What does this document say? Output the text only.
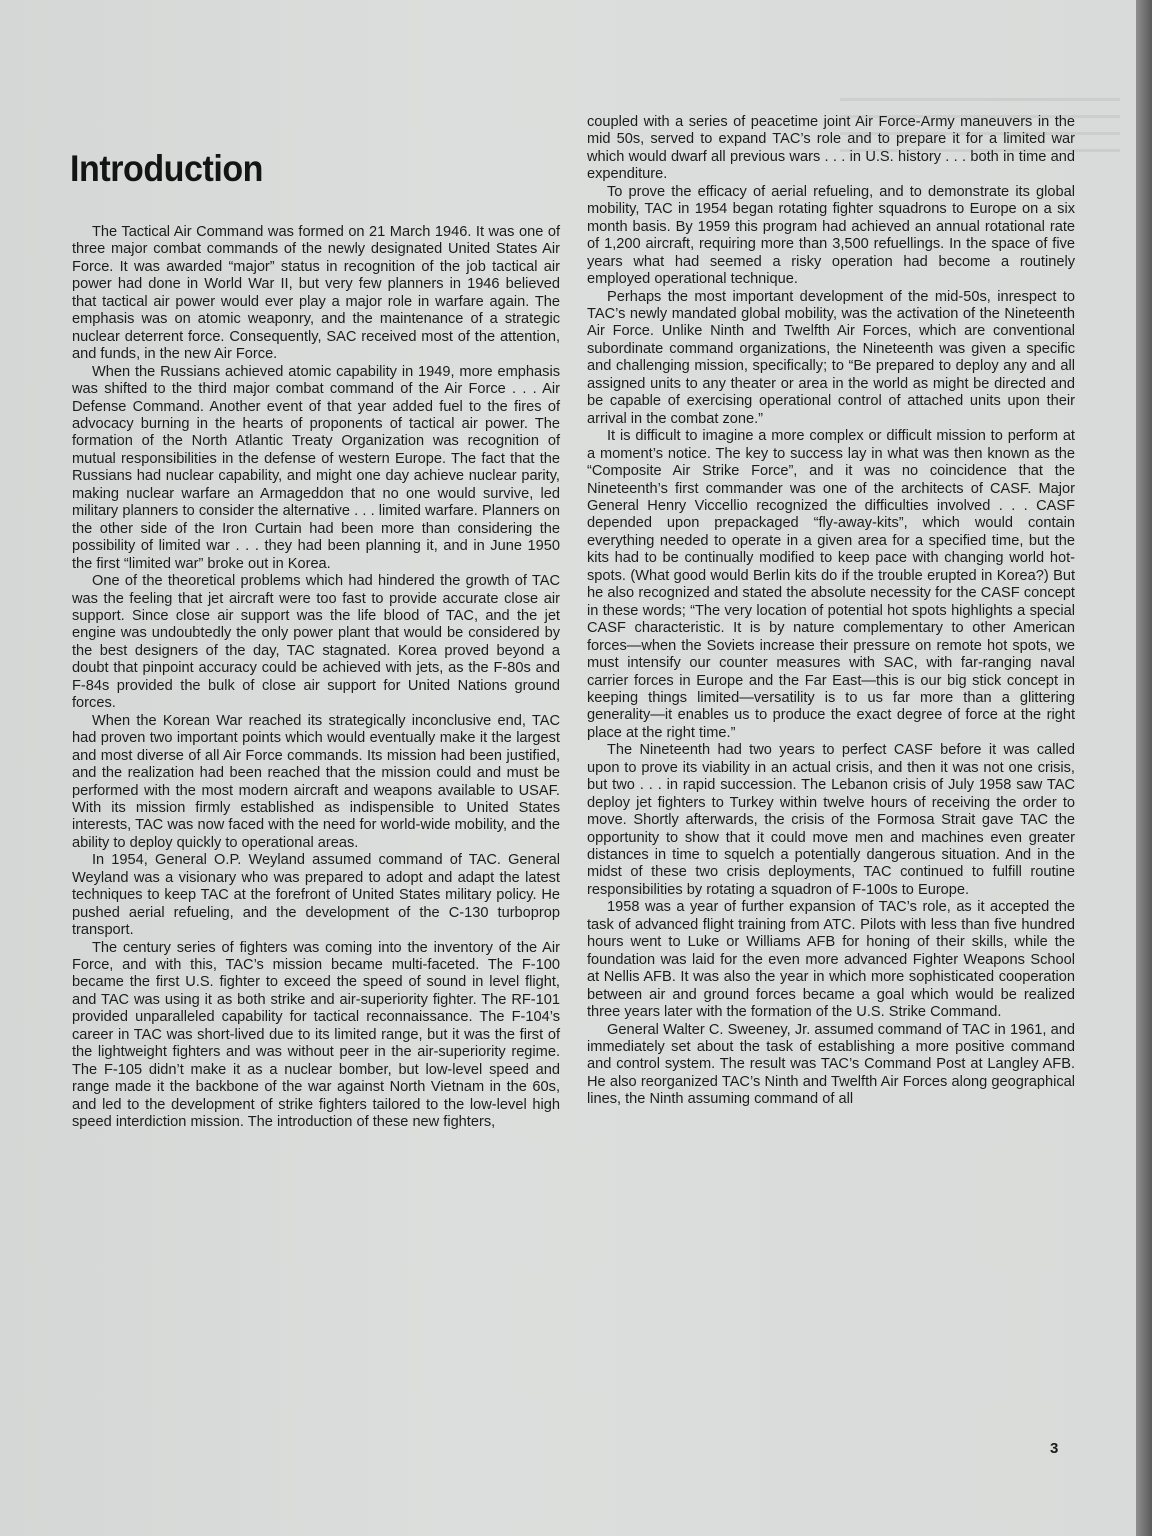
Introduction

The Tactical Air Command was formed on 21 March 1946. It was one of three major combat commands of the newly designated United States Air Force. It was awarded “major” status in recognition of the job tactical air power had done in World War II, but very few planners in 1946 believed that tactical air power would ever play a major role in warfare again. The emphasis was on atomic weaponry, and the maintenance of a strategic nuclear deterrent force. Consequently, SAC received most of the attention, and funds, in the new Air Force.

When the Russians achieved atomic capability in 1949, more emphasis was shifted to the third major combat command of the Air Force . . . Air Defense Command. Another event of that year added fuel to the fires of advocacy burning in the hearts of proponents of tactical air power. The formation of the North Atlantic Treaty Organization was recognition of mutual responsibilities in the defense of western Europe. The fact that the Russians had nuclear capability, and might one day achieve nuclear parity, making nuclear warfare an Armageddon that no one would survive, led military planners to consider the alternative . . . limited warfare. Planners on the other side of the Iron Curtain had been more than considering the possibility of limited war . . . they had been planning it, and in June 1950 the first “limited war” broke out in Korea.

One of the theoretical problems which had hindered the growth of TAC was the feeling that jet aircraft were too fast to provide accurate close air support. Since close air support was the life blood of TAC, and the jet engine was undoubtedly the only power plant that would be considered by the best designers of the day, TAC stagnated. Korea proved beyond a doubt that pinpoint accuracy could be achieved with jets, as the F-80s and F-84s provided the bulk of close air support for United Nations ground forces.

When the Korean War reached its strategically inconclusive end, TAC had proven two important points which would eventually make it the largest and most diverse of all Air Force commands. Its mission had been justified, and the realization had been reached that the mission could and must be performed with the most modern aircraft and weapons available to USAF. With its mission firmly established as indispensible to United States interests, TAC was now faced with the need for world-wide mobility, and the ability to deploy quickly to operational areas.

In 1954, General O.P. Weyland assumed command of TAC. General Weyland was a visionary who was prepared to adopt and adapt the latest techniques to keep TAC at the forefront of United States military policy. He pushed aerial refueling, and the development of the C-130 turboprop transport.

The century series of fighters was coming into the inventory of the Air Force, and with this, TAC’s mission became multi-faceted. The F-100 became the first U.S. fighter to exceed the speed of sound in level flight, and TAC was using it as both strike and air-superiority fighter. The RF-101 provided unparalleled capability for tactical reconnaissance. The F-104’s career in TAC was short-lived due to its limited range, but it was the first of the lightweight fighters and was without peer in the air-superiority regime. The F-105 didn’t make it as a nuclear bomber, but low-level speed and range made it the backbone of the war against North Vietnam in the 60s, and led to the development of strike fighters tailored to the low-level high speed interdiction mission. The introduction of these new fighters,

coupled with a series of peacetime joint Air Force-Army maneuvers in the mid 50s, served to expand TAC’s role and to prepare it for a limited war which would dwarf all previous wars . . . in U.S. history . . . both in time and expenditure.

To prove the efficacy of aerial refueling, and to demonstrate its global mobility, TAC in 1954 began rotating fighter squadrons to Europe on a six month basis. By 1959 this program had achieved an annual rotational rate of 1,200 aircraft, requiring more than 3,500 refuellings. In the space of five years what had seemed a risky operation had become a routinely employed operational technique.

Perhaps the most important development of the mid-50s, inrespect to TAC’s newly mandated global mobility, was the activation of the Nineteenth Air Force. Unlike Ninth and Twelfth Air Forces, which are conventional subordinate command organizations, the Nineteenth was given a specific and challenging mission, specifically; to “Be prepared to deploy any and all assigned units to any theater or area in the world as might be directed and be capable of exercising operational control of attached units upon their arrival in the combat zone.”

It is difficult to imagine a more complex or difficult mission to perform at a moment’s notice. The key to success lay in what was then known as the “Composite Air Strike Force”, and it was no coincidence that the Nineteenth’s first commander was one of the architects of CASF. Major General Henry Viccellio recognized the difficulties involved . . . CASF depended upon prepackaged “fly-away-kits”, which would contain everything needed to operate in a given area for a specified time, but the kits had to be continually modified to keep pace with changing world hot-spots. (What good would Berlin kits do if the trouble erupted in Korea?) But he also recognized and stated the absolute necessity for the CASF concept in these words; “The very location of potential hot spots highlights a special CASF characteristic. It is by nature complementary to other American forces—when the Soviets increase their pressure on remote hot spots, we must intensify our counter measures with SAC, with far-ranging naval carrier forces in Europe and the Far East—this is our big stick concept in keeping things limited—versatility is to us far more than a glittering generality—it enables us to produce the exact degree of force at the right place at the right time.”

The Nineteenth had two years to perfect CASF before it was called upon to prove its viability in an actual crisis, and then it was not one crisis, but two . . . in rapid succession. The Lebanon crisis of July 1958 saw TAC deploy jet fighters to Turkey within twelve hours of receiving the order to move. Shortly afterwards, the crisis of the Formosa Strait gave TAC the opportunity to show that it could move men and machines even greater distances in time to squelch a potentially dangerous situation. And in the midst of these two crisis deployments, TAC continued to fulfill routine responsibilities by rotating a squadron of F-100s to Europe.

1958 was a year of further expansion of TAC’s role, as it accepted the task of advanced flight training from ATC. Pilots with less than five hundred hours went to Luke or Williams AFB for honing of their skills, while the foundation was laid for the even more advanced Fighter Weapons School at Nellis AFB. It was also the year in which more sophisticated cooperation between air and ground forces became a goal which would be realized three years later with the formation of the U.S. Strike Command.

General Walter C. Sweeney, Jr. assumed command of TAC in 1961, and immediately set about the task of establishing a more positive command and control system. The result was TAC’s Command Post at Langley AFB. He also reorganized TAC’s Ninth and Twelfth Air Forces along geographical lines, the Ninth assuming command of all

3
